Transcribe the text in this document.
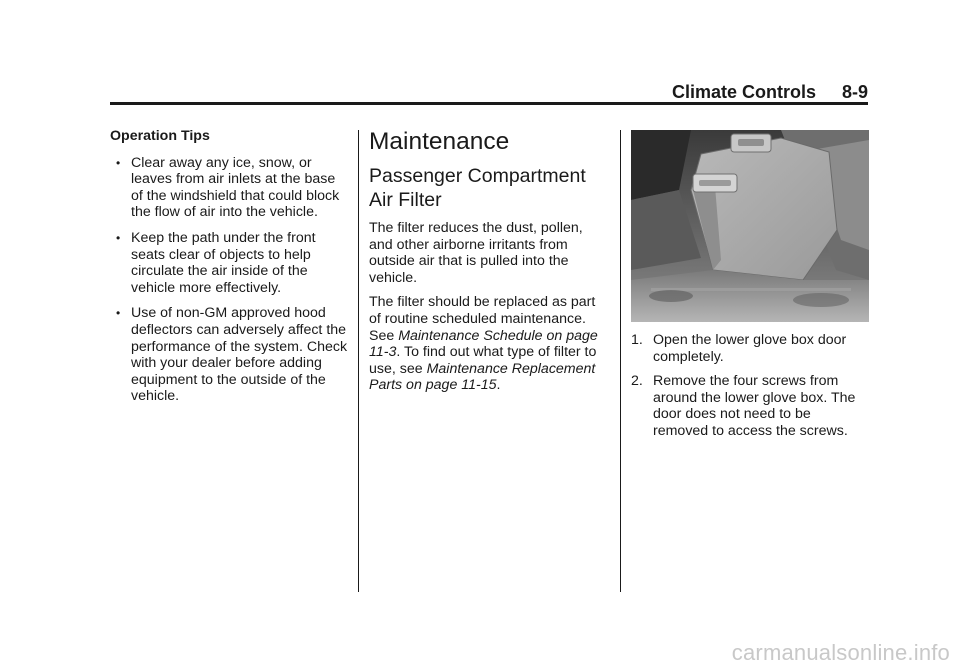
Climate Controls 8-9
Operation Tips
• Clear away any ice, snow, or leaves from air inlets at the base of the windshield that could block the flow of air into the vehicle.
• Keep the path under the front seats clear of objects to help circulate the air inside of the vehicle more effectively.
• Use of non-GM approved hood deflectors can adversely affect the performance of the system. Check with your dealer before adding equipment to the outside of the vehicle.
Maintenance
Passenger Compartment Air Filter

The filter reduces the dust, pollen, and other airborne irritants from outside air that is pulled into the vehicle.

The filter should be replaced as part of routine scheduled maintenance. See Maintenance Schedule on page 11-3. To find out what type of filter to use, see Maintenance Replacement Parts on page 11-15.

1. Open the lower glove box door completely.
2. Remove the four screws from around the lower glove box. The door does not need to be removed to access the screws.
carmanualsonline.info
